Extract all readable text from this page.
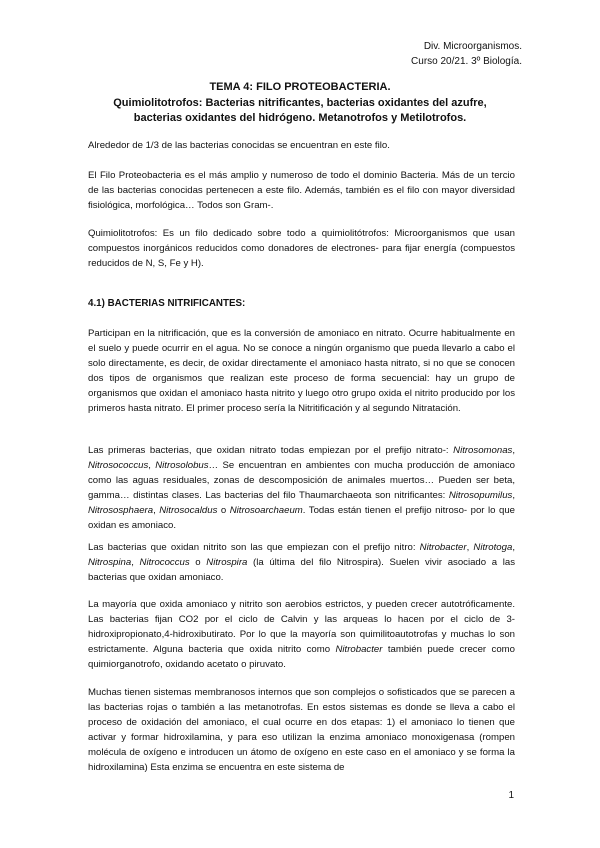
Div. Microorganismos.
Curso 20/21. 3º Biología.
TEMA 4: FILO PROTEOBACTERIA.
Quimiolitotrofos: Bacterias nitrificantes, bacterias oxidantes del azufre, bacterias oxidantes del hidrógeno. Metanotrofos y Metilotrofos.

Alrededor de 1/3 de las bacterias conocidas se encuentran en este filo.

El Filo Proteobacteria es el más amplio y numeroso de todo el dominio Bacteria. Más de un tercio de las bacterias conocidas pertenecen a este filo. Además, también es el filo con mayor diversidad fisiológica, morfológica… Todos son Gram-.

Quimiolitotrofos: Es un filo dedicado sobre todo a quimiolitótrofos: Microorganismos que usan compuestos inorgánicos reducidos como donadores de electrones- para fijar energía (compuestos reducidos de N, S, Fe y H).

4.1) BACTERIAS NITRIFICANTES:

Participan en la nitrificación, que es la conversión de amoniaco en nitrato. Ocurre habitualmente en el suelo y puede ocurrir en el agua. No se conoce a ningún organismo que pueda llevarlo a cabo el solo directamente, es decir, de oxidar directamente el amoniaco hasta nitrato, si no que se conocen dos tipos de organismos que realizan este proceso de forma secuencial: hay un grupo de organismos que oxidan el amoniaco hasta nitrito y luego otro grupo oxida el nitrito producido por los primeros hasta nitrato. El primer proceso sería la Nitritificación y al segundo Nitratación.

Las primeras bacterias, que oxidan nitrato todas empiezan por el prefijo nitrato-: Nitrosomonas, Nitrosococcus, Nitrosolobus… Se encuentran en ambientes con mucha producción de amoniaco como las aguas residuales, zonas de descomposición de animales muertos… Pueden ser beta, gamma… distintas clases. Las bacterias del filo Thaumarchaeota son nitrificantes: Nitrosopumilus, Nitrososphaera, Nitrosocaldus o Nitrosoarchaeum. Todas están tienen el prefijo nitroso- por lo que oxidan es amoniaco.

Las bacterias que oxidan nitrito son las que empiezan con el prefijo nitro: Nitrobacter, Nitrotoga, Nitrospina, Nitrococcus o Nitrospira (la última del filo Nitrospira). Suelen vivir asociado a las bacterias que oxidan amoniaco.

La mayoría que oxida amoniaco y nitrito son aerobios estrictos, y pueden crecer autotróficamente. Las bacterias fijan CO2 por el ciclo de Calvin y las arqueas lo hacen por el ciclo de 3-hidroxipropionato,4-hidroxibutirato. Por lo que la mayoría son quimilitoautotrofas y muchas lo son estrictamente. Alguna bacteria que oxida nitrito como Nitrobacter también puede crecer como quimiorganotrofo, oxidando acetato o piruvato.

Muchas tienen sistemas membranosos internos que son complejos o sofisticados que se parecen a las bacterias rojas o también a las metanotrofas. En estos sistemas es donde se lleva a cabo el proceso de oxidación del amoniaco, el cual ocurre en dos etapas: 1) el amoniaco lo tienen que activar y formar hidroxilamina, y para eso utilizan la enzima amoniaco monoxigenasa (rompen molécula de oxígeno e introducen un átomo de oxígeno en este caso en el amoniaco y se forma la hidroxilamina) Esta enzima se encuentra en este sistema de

1
